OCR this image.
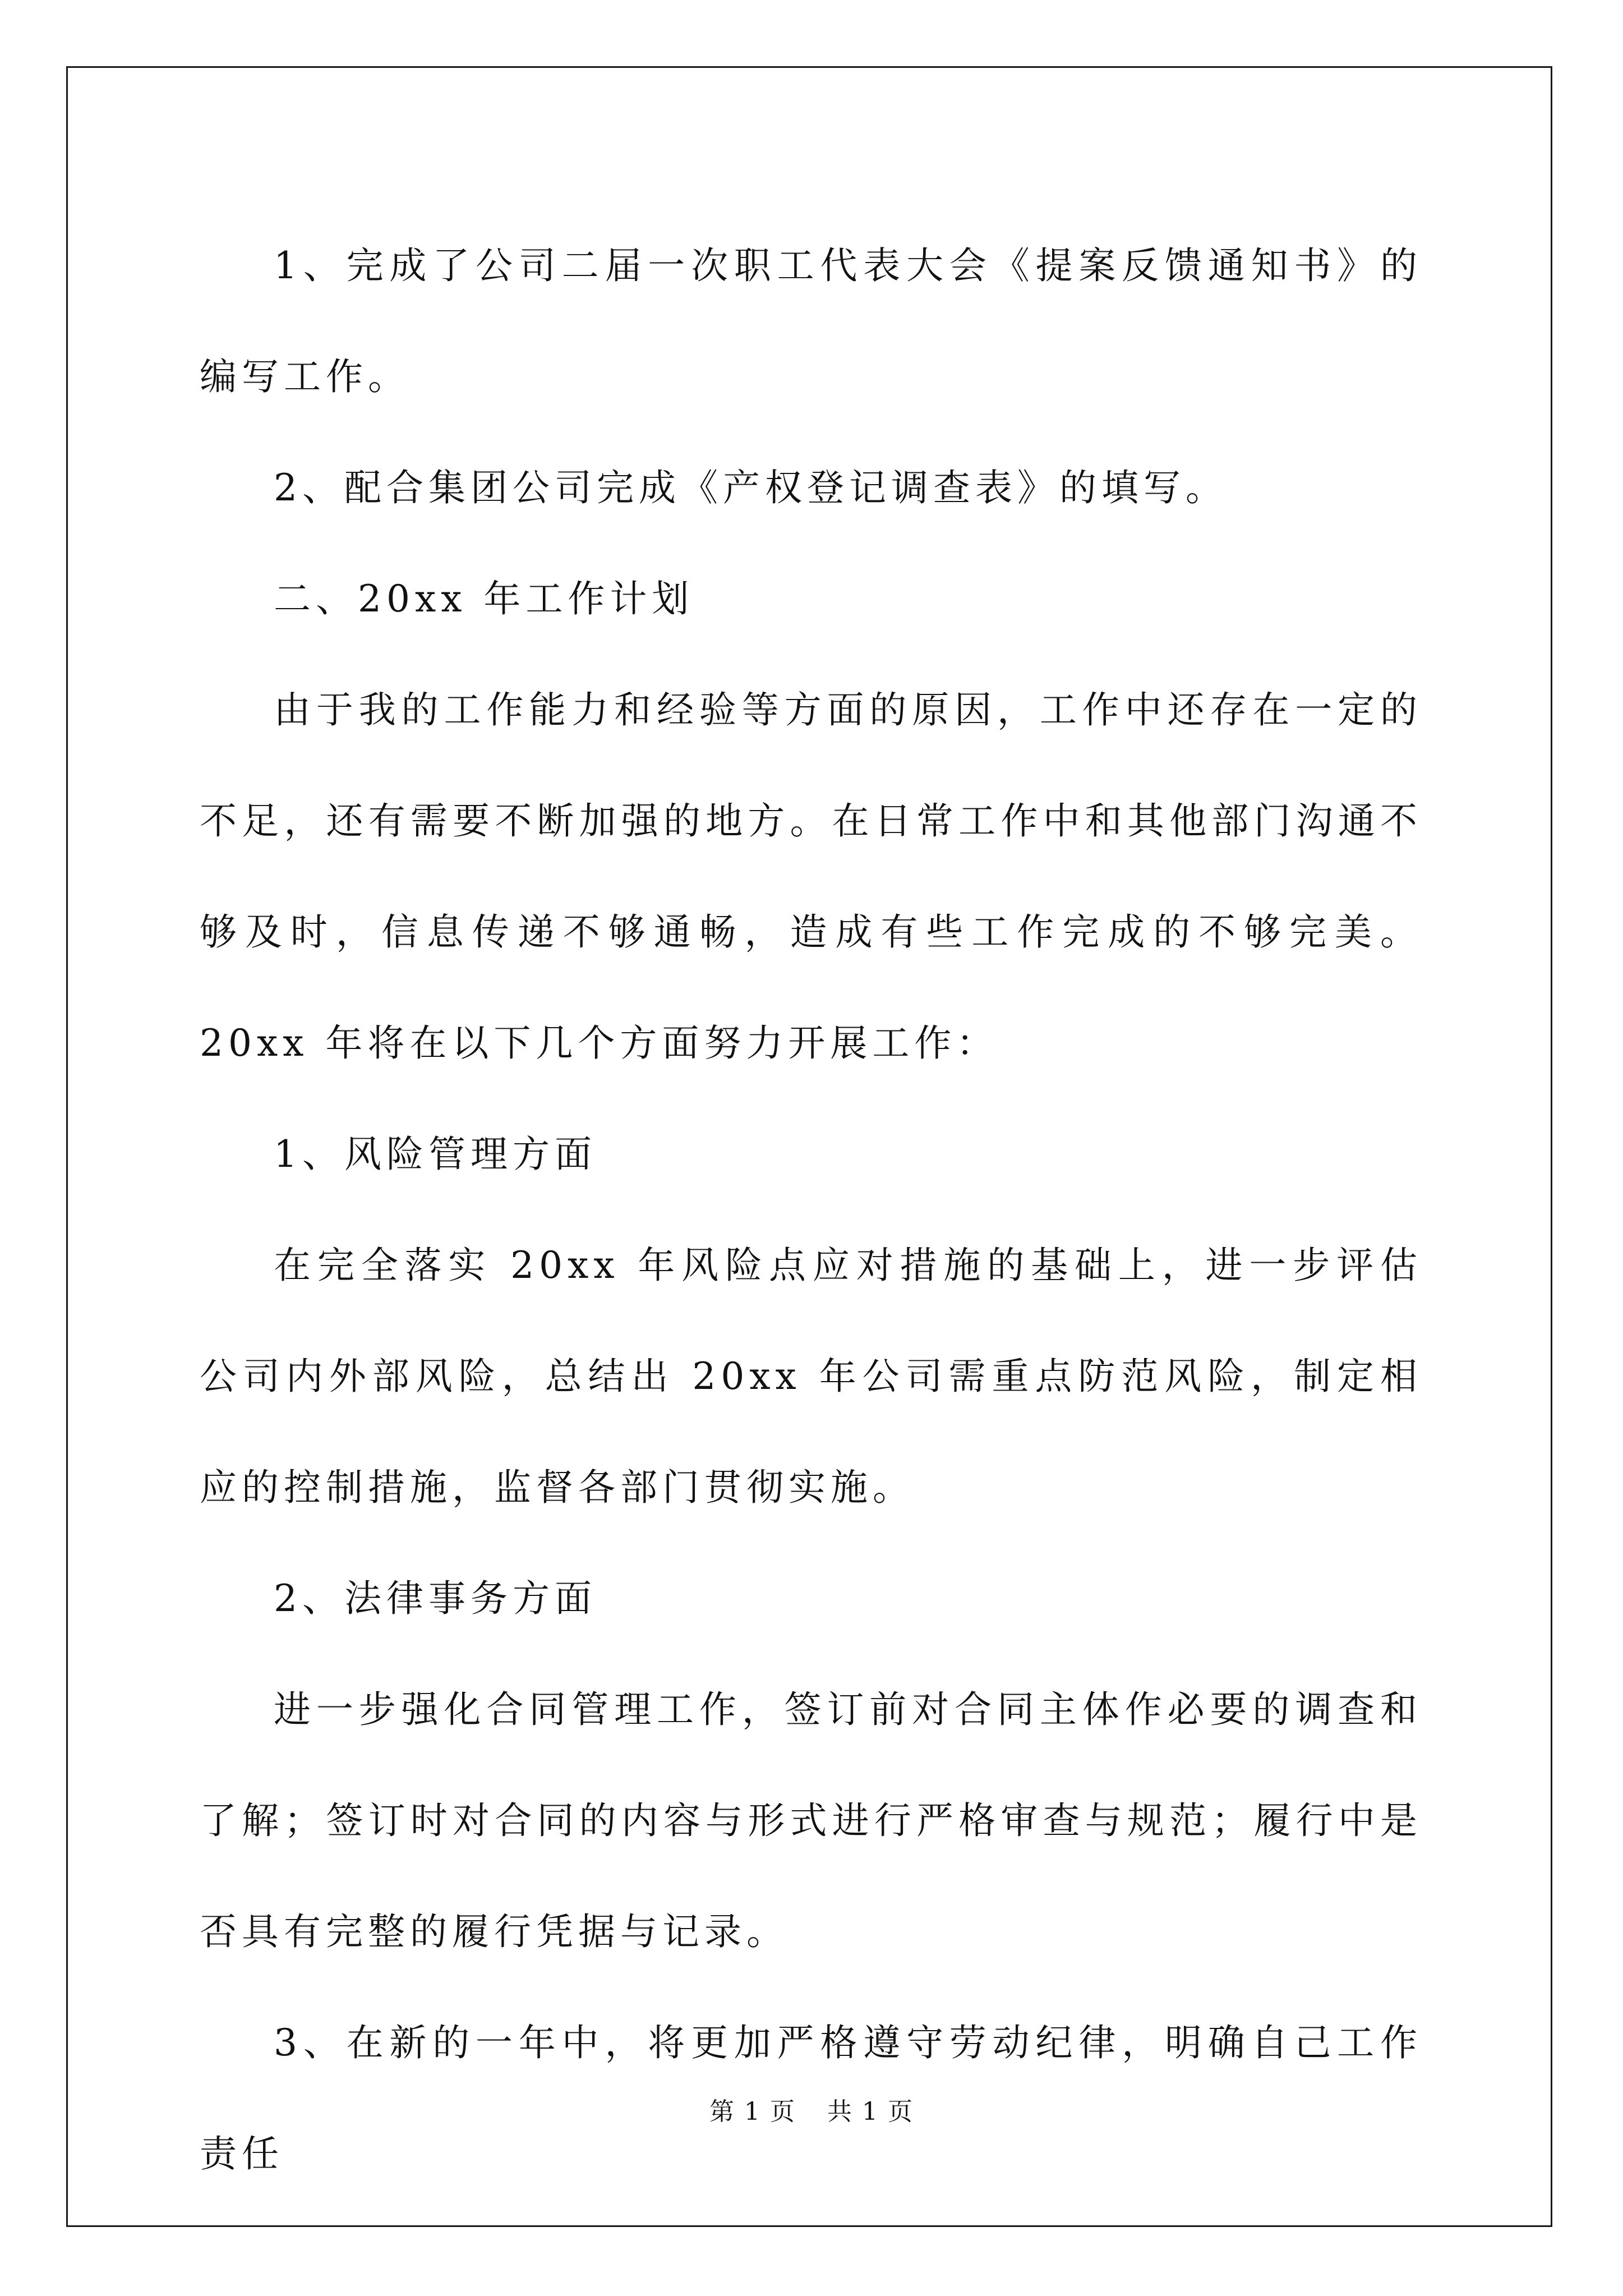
1、完成了公司二届一次职工代表大会《提案反馈通知书》的编写工作。

2、配合集团公司完成《产权登记调查表》的填写。

二、20xx 年工作计划

由于我的工作能力和经验等方面的原因，工作中还存在一定的不足，还有需要不断加强的地方。在日常工作中和其他部门沟通不够及时，信息传递不够通畅，造成有些工作完成的不够完美。20xx 年将在以下几个方面努力开展工作：

1、风险管理方面

在完全落实 20xx 年风险点应对措施的基础上，进一步评估公司内外部风险，总结出 20xx 年公司需重点防范风险，制定相应的控制措施，监督各部门贯彻实施。

2、法律事务方面

进一步强化合同管理工作，签订前对合同主体作必要的调查和了解；签订时对合同的内容与形式进行严格审查与规范；履行中是否具有完整的履行凭据与记录。

3、在新的一年中，将更加严格遵守劳动纪律，明确自己工作责任

第 1 页 共 1 页
